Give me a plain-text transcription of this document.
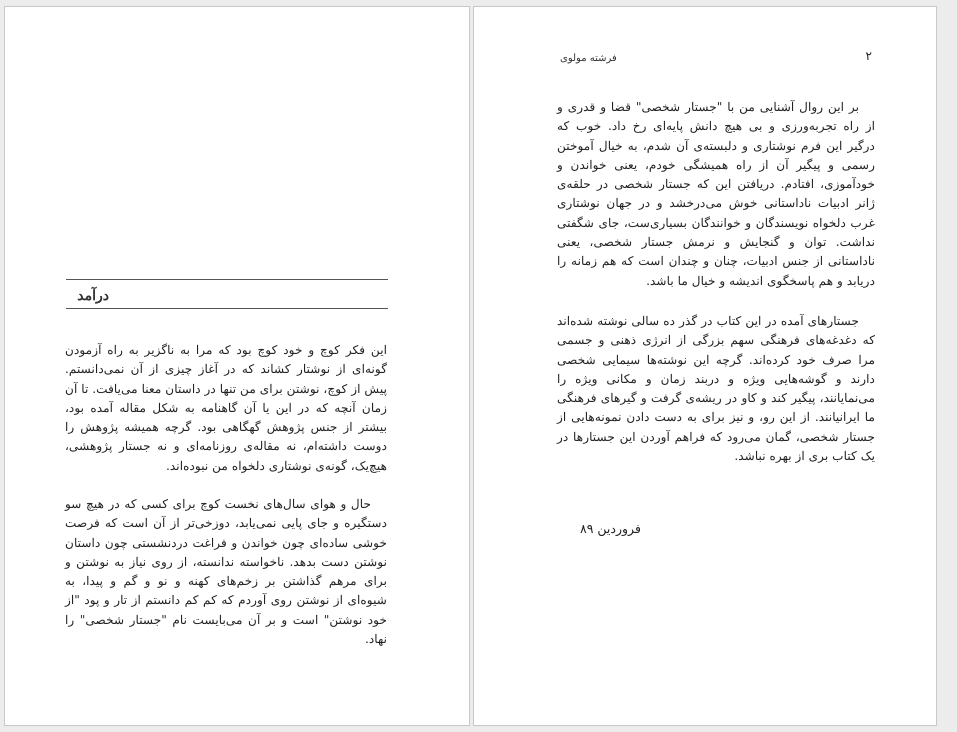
درآمد

این فکر کوچ و خود کوچ بود که مرا به ناگزیر به راه آزمودن گونه‌ای از نوشتار کشاند که در آغاز چیزی از آن نمی‌دانستم. پیش از کوچ، نوشتن برای من تنها در داستان معنا می‌یافت. تا آن زمان آنچه که در این یا آن گاهنامه به شکل مقاله آمده بود، بیشتر از جنس پژوهش گهگاهی بود. گرچه همیشه پژوهش را دوست داشته‌ام، نه مقاله‌ی روزنامه‌ای و نه جستار پژوهشی، هیچ‌یک، گونه‌ی نوشتاری دلخواه من نبوده‌اند.

حال و هوای سال‌های نخست کوچ برای کسی که در هیچ سو دستگیره و جای پایی نمی‌یابد، دوزخی‌تر از آن است که فرصت خوشی ساده‌ای چون خواندن و فراغت دردنشستی چون داستان نوشتن دست بدهد. ناخواسته ندانسته، از روی نیاز به نوشتن و برای مرهم گذاشتن بر زخم‌های کهنه و نو و گم و پیدا، به شیوه‌ای از نوشتن روی آوردم که کم کم دانستم از تار و پود "از خود نوشتن" است و بر آن می‌بایست نام "جستار شخصی" را نهاد.

فرشته مولوی	۲

بر این روال آشنایی من با "جستار شخصی" قضا و قدری و از راه تجربه‌ورزی و بی هیچ دانش پایه‌ای رخ داد. خوب که درگیر این فرم نوشتاری و دلبسته‌ی آن شدم، به خیال آموختن رسمی و پیگیر آن از راه همیشگی خودم، یعنی خواندن و خودآموزی، افتادم. دریافتن این که جستار شخصی در حلقه‌ی ژانر ادبیات ناداستانی خوش می‌درخشد و در جهان نوشتاری غرب دلخواه نویسندگان و خوانندگان بسیاری‌ست، جای شگفتی نداشت. توان و گنجایش و نرمش جستار شخصی، یعنی ناداستانی از جنس ادبیات، چنان و چندان است که هم زمانه را دریابد و هم پاسخگوی اندیشه و خیال ما باشد.

جستارهای آمده در این کتاب در گذر ده سالی نوشته شده‌اند که دغدغه‌های فرهنگی سهم بزرگی از انرژی ذهنی و جسمی مرا صرف خود کرده‌اند. گرچه این نوشته‌ها سیمایی شخصی دارند و گوشه‌هایی ویژه و دربند زمان و مکانی ویژه را می‌نمایانند، پیگیر کند و کاو در ریشه‌ی گرفت و گیرهای فرهنگی ما ایرانیانند. از این رو، و نیز برای به دست دادن نمونه‌هایی از جستار شخصی، گمان می‌رود که فراهم آوردن این جستارها در یک کتاب بری از بهره نباشد.

فروردین ۸۹
